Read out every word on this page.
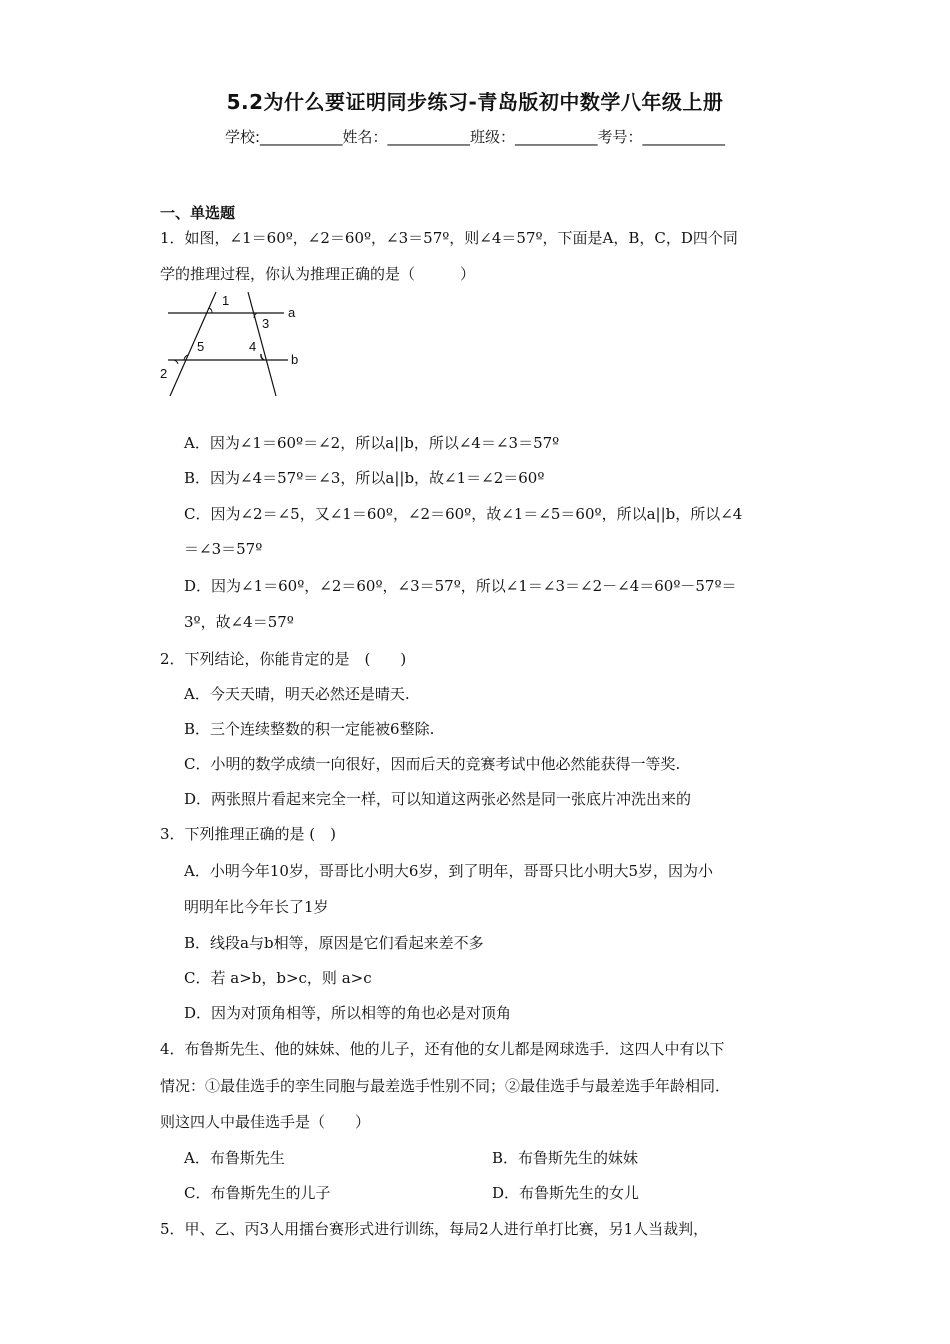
5.2为什么要证明同步练习-青岛版初中数学八年级上册
学校:___________姓名：___________班级：___________考号：___________
一、单选题
1．如图，∠1＝60º，∠2＝60º，∠3＝57º，则∠4＝57º，下面是A，B，C，D四个同
学的推理过程，你认为推理正确的是（　　　）
1
3
a
5	4
b
2
A．因为∠1＝60º＝∠2，所以a||b，所以∠4＝∠3＝57º
B．因为∠4＝57º＝∠3，所以a||b，故∠1＝∠2＝60º
C．因为∠2＝∠5，又∠1＝60º，∠2＝60º，故∠1＝∠5＝60º，所以a||b，所以∠4
＝∠3＝57º
D．因为∠1＝60º，∠2＝60º，∠3＝57º，所以∠1＝∠3＝∠2－∠4＝60º－57º＝
3º，故∠4＝57º
2．下列结论，你能肯定的是　(　　)
A．今天天晴，明天必然还是晴天.
B．三个连续整数的积一定能被6整除.
C．小明的数学成绩一向很好，因而后天的竞赛考试中他必然能获得一等奖.
D．两张照片看起来完全一样，可以知道这两张必然是同一张底片冲洗出来的
3．下列推理正确的是 (　)
A．小明今年10岁，哥哥比小明大6岁，到了明年，哥哥只比小明大5岁，因为小
明明年比今年长了1岁
B．线段a与b相等，原因是它们看起来差不多
C．若 a>b，b>c，则 a>c
D．因为对顶角相等，所以相等的角也必是对顶角
4．布鲁斯先生、他的妹妹、他的儿子，还有他的女儿都是网球选手．这四人中有以下
情况：①最佳选手的孪生同胞与最差选手性别不同；②最佳选手与最差选手年龄相同．
则这四人中最佳选手是（　　）
A．布鲁斯先生	B．布鲁斯先生的妹妹
C．布鲁斯先生的儿子	D．布鲁斯先生的女儿
5．甲、乙、丙3人用擂台赛形式进行训练，每局2人进行单打比赛，另1人当裁判，
